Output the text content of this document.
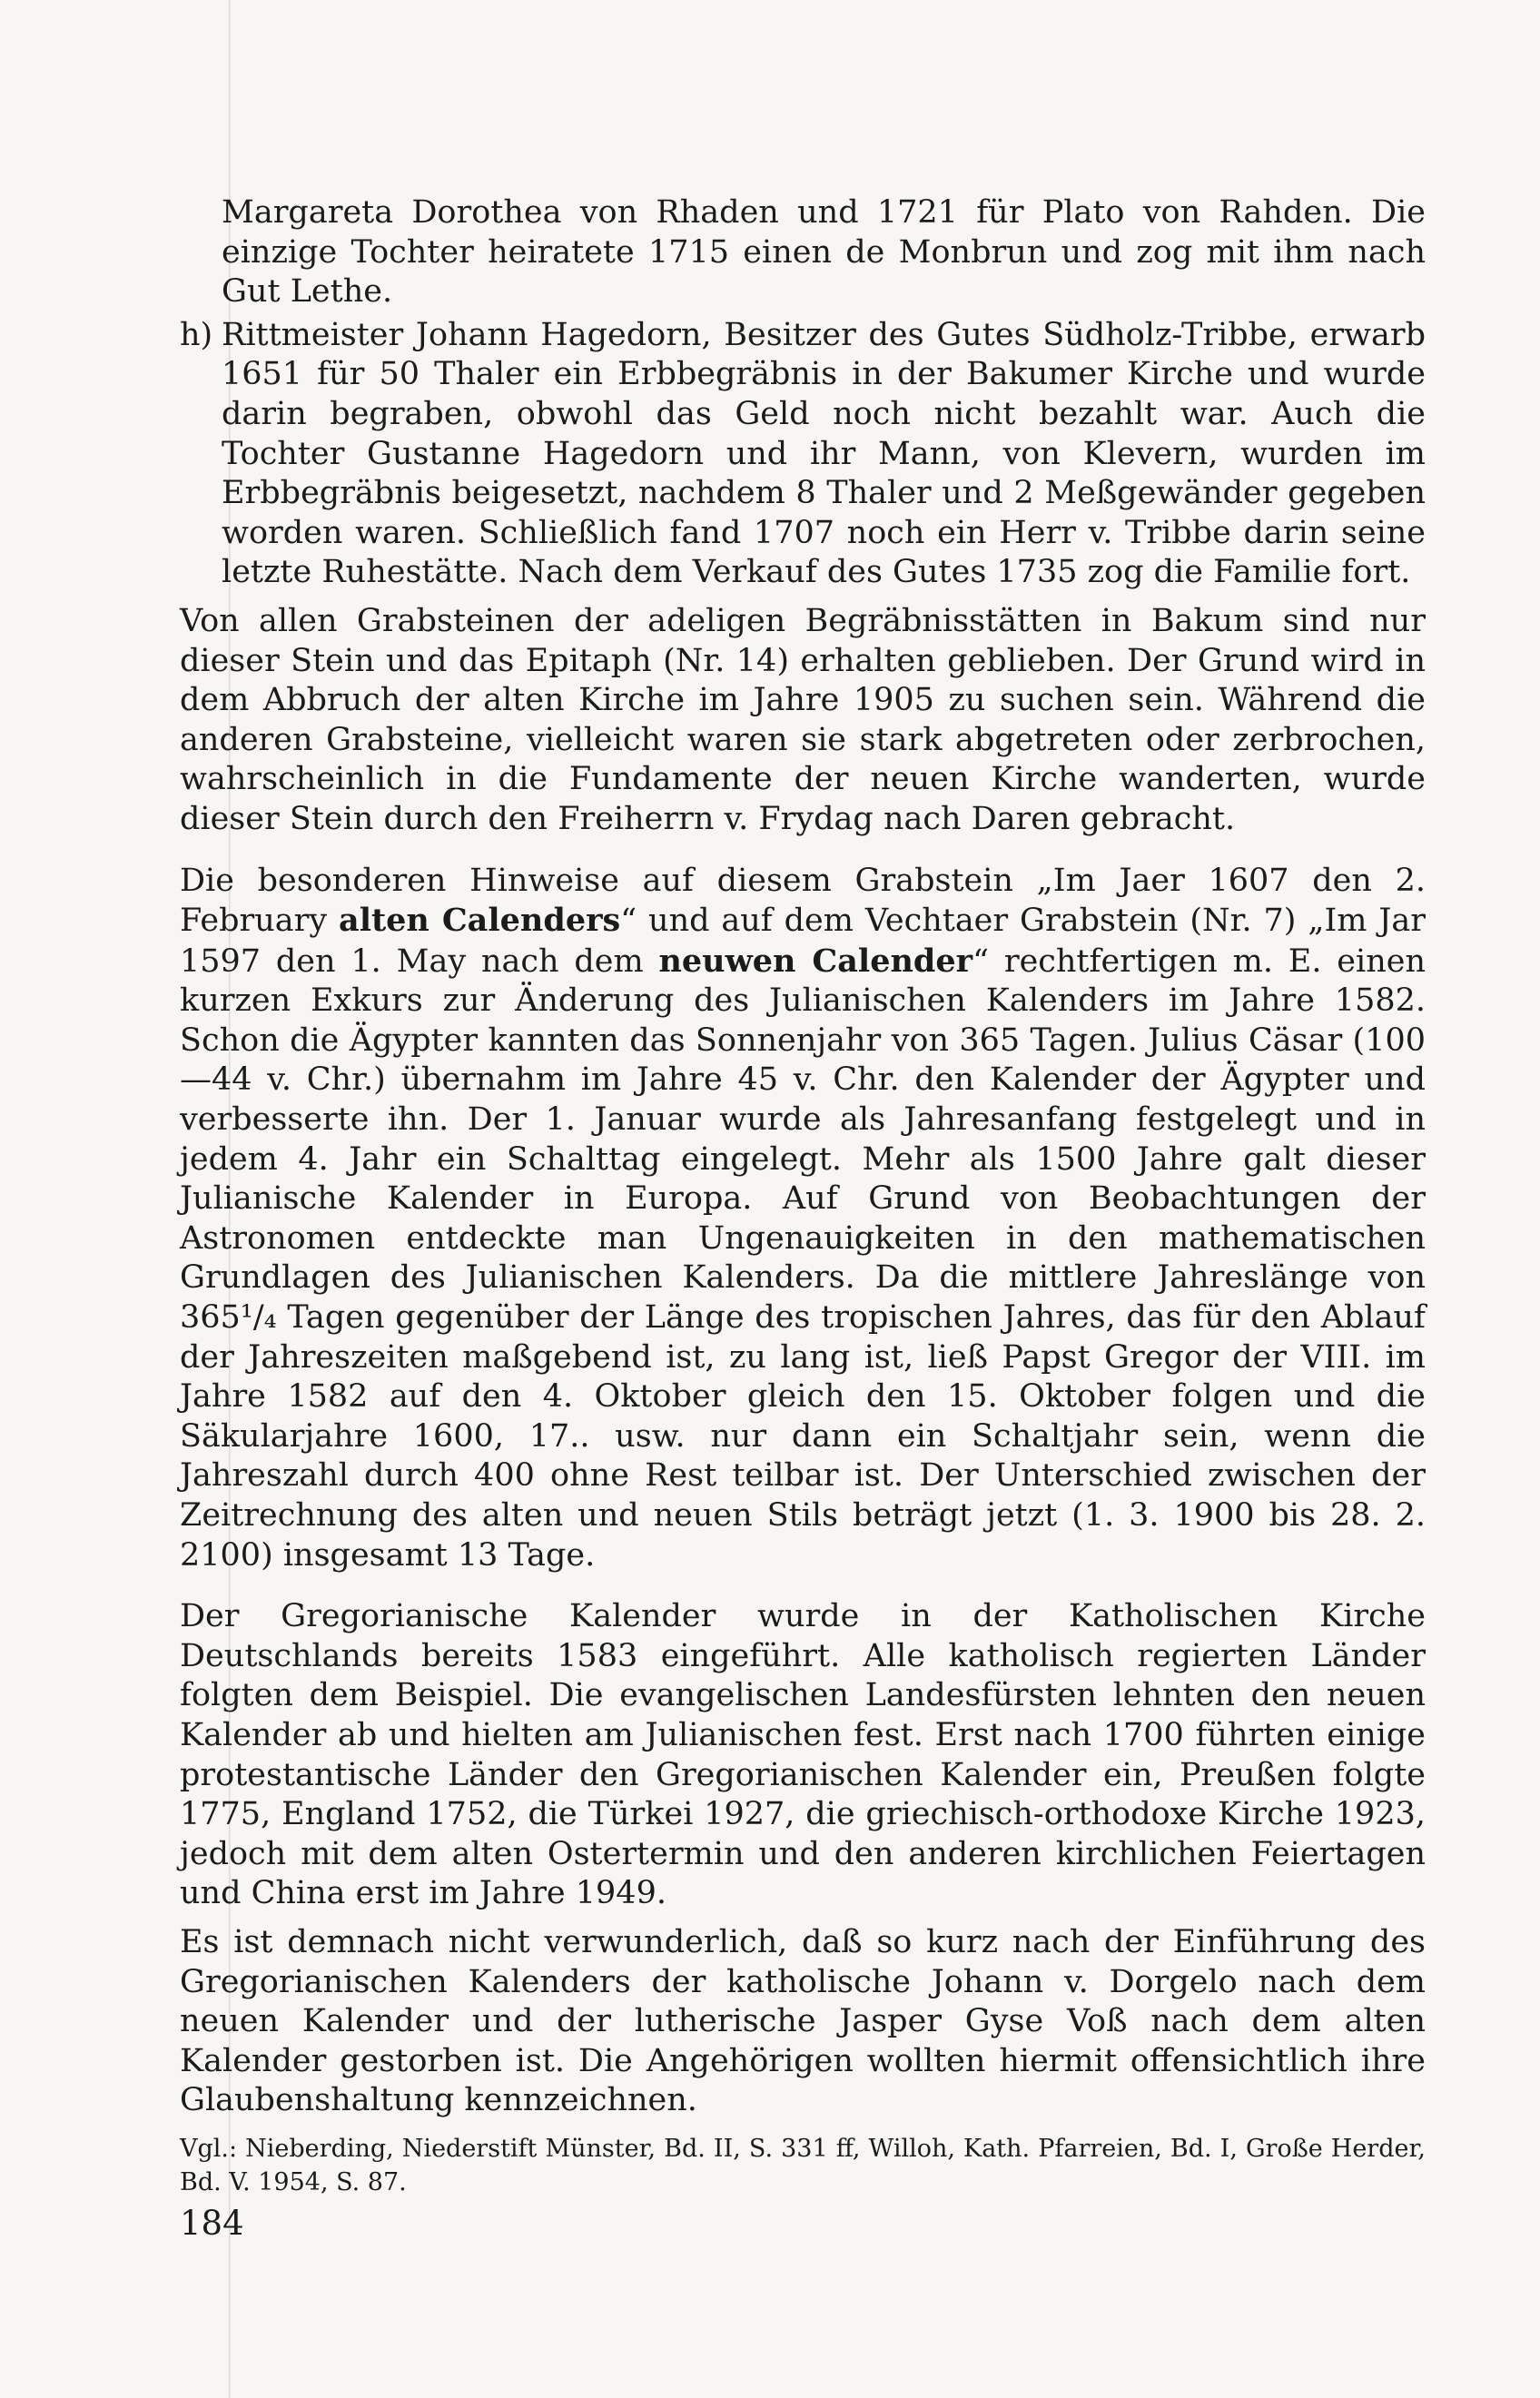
Margareta Dorothea von Rhaden und 1721 für Plato von Rahden. Die einzige Tochter heiratete 1715 einen de Monbrun und zog mit ihm nach Gut Lethe.

h) Rittmeister Johann Hagedorn, Besitzer des Gutes Südholz-Tribbe, erwarb 1651 für 50 Thaler ein Erbbegräbnis in der Bakumer Kirche und wurde darin begraben, obwohl das Geld noch nicht bezahlt war. Auch die Tochter Gustanne Hagedorn und ihr Mann, von Klevern, wurden im Erbbegräbnis beigesetzt, nachdem 8 Thaler und 2 Meßgewänder gegeben worden waren. Schließlich fand 1707 noch ein Herr v. Tribbe darin seine letzte Ruhestätte. Nach dem Verkauf des Gutes 1735 zog die Familie fort.

Von allen Grabsteinen der adeligen Begräbnisstätten in Bakum sind nur dieser Stein und das Epitaph (Nr. 14) erhalten geblieben. Der Grund wird in dem Abbruch der alten Kirche im Jahre 1905 zu suchen sein. Während die anderen Grabsteine, vielleicht waren sie stark abgetreten oder zerbrochen, wahrscheinlich in die Fundamente der neuen Kirche wanderten, wurde dieser Stein durch den Freiherrn v. Frydag nach Daren gebracht.

Die besonderen Hinweise auf diesem Grabstein „Im Jaer 1607 den 2. February alten Calenders“ und auf dem Vechtaer Grabstein (Nr. 7) „Im Jar 1597 den 1. May nach dem neuwen Calender“ rechtfertigen m. E. einen kurzen Exkurs zur Änderung des Julianischen Kalenders im Jahre 1582. Schon die Ägypter kannten das Sonnenjahr von 365 Tagen. Julius Cäsar (100—44 v. Chr.) übernahm im Jahre 45 v. Chr. den Kalender der Ägypter und verbesserte ihn. Der 1. Januar wurde als Jahresanfang festgelegt und in jedem 4. Jahr ein Schalttag eingelegt. Mehr als 1500 Jahre galt dieser Julianische Kalender in Europa. Auf Grund von Beobachtungen der Astronomen entdeckte man Ungenauigkeiten in den mathematischen Grundlagen des Julianischen Kalenders. Da die mittlere Jahreslänge von 365¹/₄ Tagen gegenüber der Länge des tropischen Jahres, das für den Ablauf der Jahreszeiten maßgebend ist, zu lang ist, ließ Papst Gregor der VIII. im Jahre 1582 auf den 4. Oktober gleich den 15. Oktober folgen und die Säkularjahre 1600, 17.. usw. nur dann ein Schaltjahr sein, wenn die Jahreszahl durch 400 ohne Rest teilbar ist. Der Unterschied zwischen der Zeitrechnung des alten und neuen Stils beträgt jetzt (1. 3. 1900 bis 28. 2. 2100) insgesamt 13 Tage.

Der Gregorianische Kalender wurde in der Katholischen Kirche Deutschlands bereits 1583 eingeführt. Alle katholisch regierten Länder folgten dem Beispiel. Die evangelischen Landesfürsten lehnten den neuen Kalender ab und hielten am Julianischen fest. Erst nach 1700 führten einige protestantische Länder den Gregorianischen Kalender ein, Preußen folgte 1775, England 1752, die Türkei 1927, die griechisch-orthodoxe Kirche 1923, jedoch mit dem alten Ostertermin und den anderen kirchlichen Feiertagen und China erst im Jahre 1949.

Es ist demnach nicht verwunderlich, daß so kurz nach der Einführung des Gregorianischen Kalenders der katholische Johann v. Dorgelo nach dem neuen Kalender und der lutherische Jasper Gyse Voß nach dem alten Kalender gestorben ist. Die Angehörigen wollten hiermit offensichtlich ihre Glaubenshaltung kennzeichnen.

Vgl.: Nieberding, Niederstift Münster, Bd. II, S. 331 ff, Willoh, Kath. Pfarreien, Bd. I, Große Herder, Bd. V. 1954, S. 87.

184
